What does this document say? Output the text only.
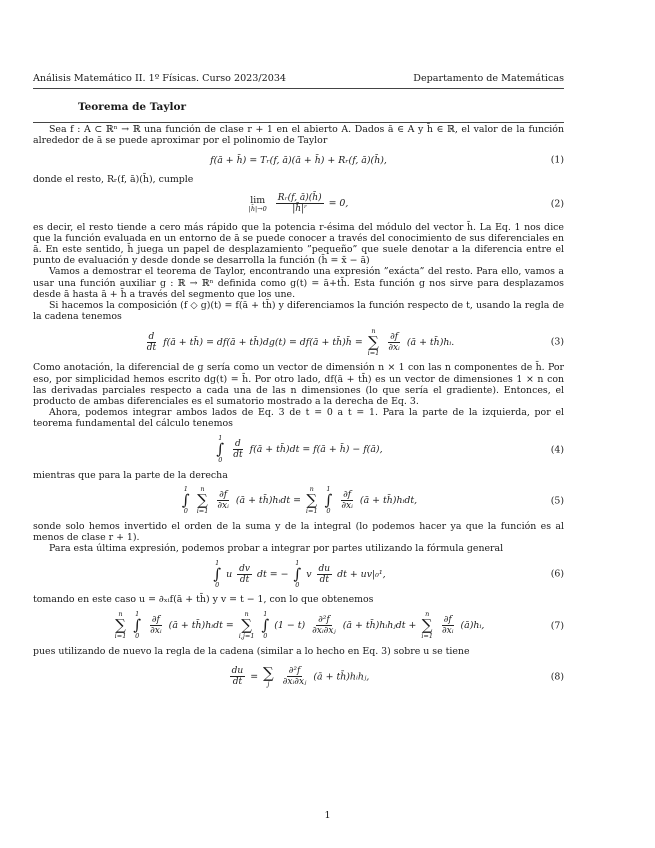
Análisis Matemático II. 1º Físicas. Curso 2023/2034	Departamento de Matemáticas
Teorema de Taylor

Sea f : A ⊂ ℝⁿ → ℝ una función de clase r + 1 en el abierto A. Dados ā ∈ A y h̄ ∈ ℝ, el valor de la función alrededor de ā se puede aproximar por el polinomio de Taylor

f(ā + h̄) = Tᵣ(f, ā)(ā + h̄) + Rᵣ(f, ā)(h̄),	(1)

donde el resto, Rᵣ(f, ā)(h̄), cumple

lim
|h̄|→0
$\frac{\text{Rᵣ(f, ā)(h̄)}}{\text{|h̄|ʳ}} = 0$,	(2)

es decir, el resto tiende a cero más rápido que la potencia r-ésima del módulo del vector h̄. La Eq. 1 nos dice que la función evaluada en un entorno de ā se puede conocer a través del conocimiento de sus diferenciales en ā. En este sentido, h̄ juega un papel de desplazamiento ”pequeño” que suele denotar a la diferencia entre el punto de evaluación y desde donde se desarrolla la función (h̄ = x̄ − ā)

Vamos a demostrar el teorema de Taylor, encontrando una expresión ”exácta” del resto. Para ello, vamos a usar una función auxiliar g : ℝ → ℝⁿ definida como g(t) = ā+th̄. Esta función g nos sirve para desplazamos desde ā hasta ā + h̄ a través del segmento que los une.

Si hacemos la composición (f ◇ g)(t) = f(ā + th̄) y diferenciamos la función respecto de t, usando la regla de la cadena tenemos

$\frac{d}{dt}$ f(ā + th̄) = df(ā + th̄)dg(t) = df(ā + th̄)h̄ =
n
∑
i=1
$\frac{\partial f}{\text{∂xᵢ}}$ (ā + th̄)hᵢ.	(3)

Como anotación, la diferencial de g sería como un vector de dimensión n × 1 con las n componentes de h̄. Por eso, por simplicidad hemos escrito dg(t) = h̄. Por otro lado, df(ā + th̄) es un vector de dimensiones 1 × n con las derivadas parciales respecto a cada una de las n dimensiones (lo que sería el gradiente). Entonces, el producto de ambas diferenciales es el sumatorio mostrado a la derecha de Eq. 3.

Ahora, podemos integrar ambos lados de Eq. 3 de t = 0 a t = 1. Para la parte de la izquierda, por el teorema fundamental del cálculo tenemos

1
∫
0
$\frac{d}{dt}$ f(ā + th̄)dt = f(ā + h̄) − f(ā),	(4)

mientras que para la parte de la derecha

1
∫
0

n
∑
i=1
$\frac{\partial f}{\text{∂xᵢ}}$ (ā + th̄)hᵢdt =
n
∑
i=1

1
∫
0
$\frac{\partial f}{\text{∂xᵢ}}$ (ā + th̄)hᵢdt,	(5)

sonde solo hemos invertido el orden de la suma y de la integral (lo podemos hacer ya que la función es al menos de clase r + 1).

Para esta última expresión, podemos probar a integrar por partes utilizando la fórmula general

1
∫
0
u $\frac{dv}{dt}$ dt = −
1
∫
0
v $\frac{du}{dt}$ dt + uv|₀¹,	(6)

tomando en este caso u = ∂ₓᵢf(ā + th̄) y v = t − 1, con lo que obtenemos

n
∑
i=1

1
∫
0
$\frac{\partial f}{\text{∂xᵢ}}$ (ā + th̄)hᵢdt =
n
∑
i,j=1

1
∫
0
$(1 - t) \frac{\text{∂²f}}{\text{∂xᵢ∂xⱼ}}$ (ā + th̄)hᵢhⱼdt +
n
∑
i=1
$\frac{\partial f}{\text{∂xᵢ}}$ (ā)hᵢ,	(7)

pues utilizando de nuevo la regla de la cadena (similar a lo hecho en Eq. 3) sobre u se tiene

$\frac{du}{dt}$ = ∑
j
$\frac{\text{∂²f}}{\text{∂xᵢ∂xⱼ}}$ (ā + th̄)hᵢhⱼ,	(8)
1
